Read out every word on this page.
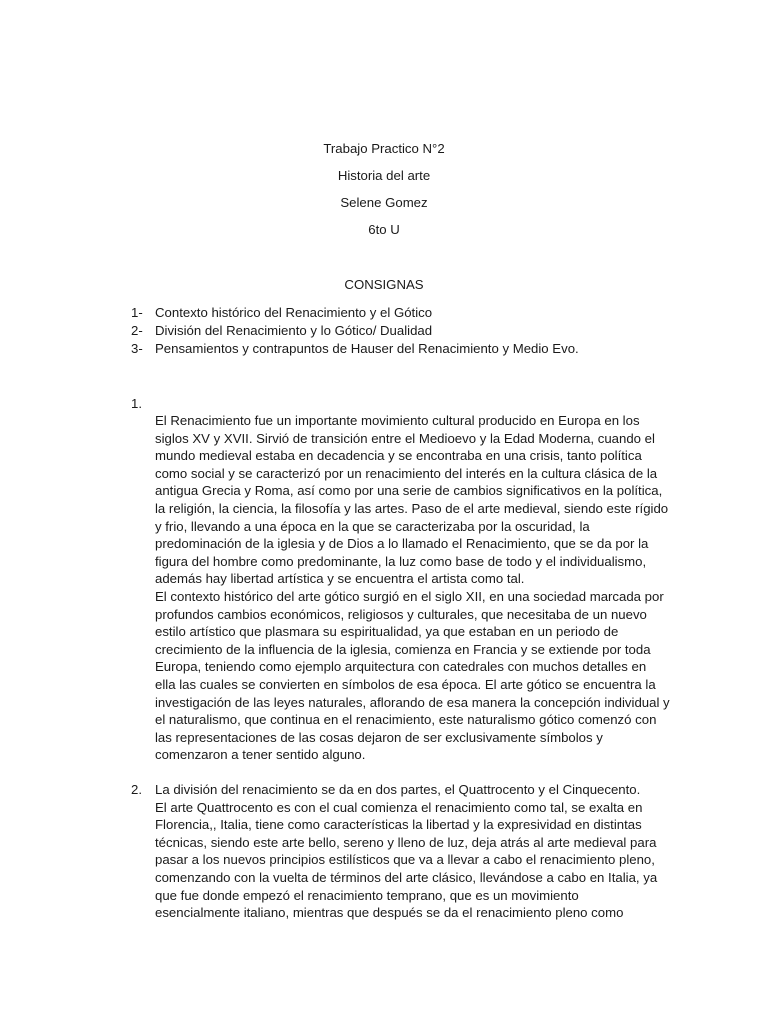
Trabajo Practico N°2
Historia del arte
Selene Gomez
6to U
CONSIGNAS
1- Contexto histórico del Renacimiento y el Gótico
2- División del Renacimiento y lo Gótico/ Dualidad
3- Pensamientos y contrapuntos de Hauser del Renacimiento y Medio Evo.
1.

El Renacimiento fue un importante movimiento cultural producido en Europa en los

siglos XV y XVII. Sirvió de transición entre el Medioevo y la Edad Moderna, cuando el

mundo medieval estaba en decadencia y se encontraba en una crisis, tanto política

como social y se caracterizó por un renacimiento del interés en la cultura clásica de la

antigua Grecia y Roma, así como por una serie de cambios significativos en la política,

la religión, la ciencia, la filosofía y las artes. Paso de el arte medieval, siendo este rígido

y frio, llevando a una época en la que se caracterizaba por la oscuridad, la

predominación de la iglesia y de Dios a lo llamado el Renacimiento, que se da por la

figura del hombre como predominante, la luz como base de todo y el individualismo,

además hay libertad artística y se encuentra el artista como tal.

El contexto histórico del arte gótico surgió en el siglo XII, en una sociedad marcada por

profundos cambios económicos, religiosos y culturales, que necesitaba de un nuevo

estilo artístico que plasmara su espiritualidad, ya que estaban en un periodo de

crecimiento de la influencia de la iglesia, comienza en Francia y se extiende por toda

Europa, teniendo como ejemplo arquitectura con catedrales con muchos detalles en

ella las cuales se convierten en símbolos de esa época. El arte gótico se encuentra la

investigación de las leyes naturales, aflorando de esa manera la concepción individual y

el naturalismo, que continua en el renacimiento, este naturalismo gótico comenzó con

las representaciones de las cosas dejaron de ser exclusivamente símbolos y

comenzaron a tener sentido alguno.

2. La división del renacimiento se da en dos partes, el Quattrocento y el Cinquecento.

El arte Quattrocento es con el cual comienza el renacimiento como tal, se exalta en

Florencia,, Italia, tiene como características la libertad y la expresividad en distintas

técnicas, siendo este arte bello, sereno y lleno de luz, deja atrás al arte medieval para

pasar a los nuevos principios estilísticos que va a llevar a cabo el renacimiento pleno,

comenzando con la vuelta de términos del arte clásico, llevándose a cabo en Italia, ya

que fue donde empezó el renacimiento temprano, que es un movimiento

esencialmente italiano, mientras que después se da el renacimiento pleno como
